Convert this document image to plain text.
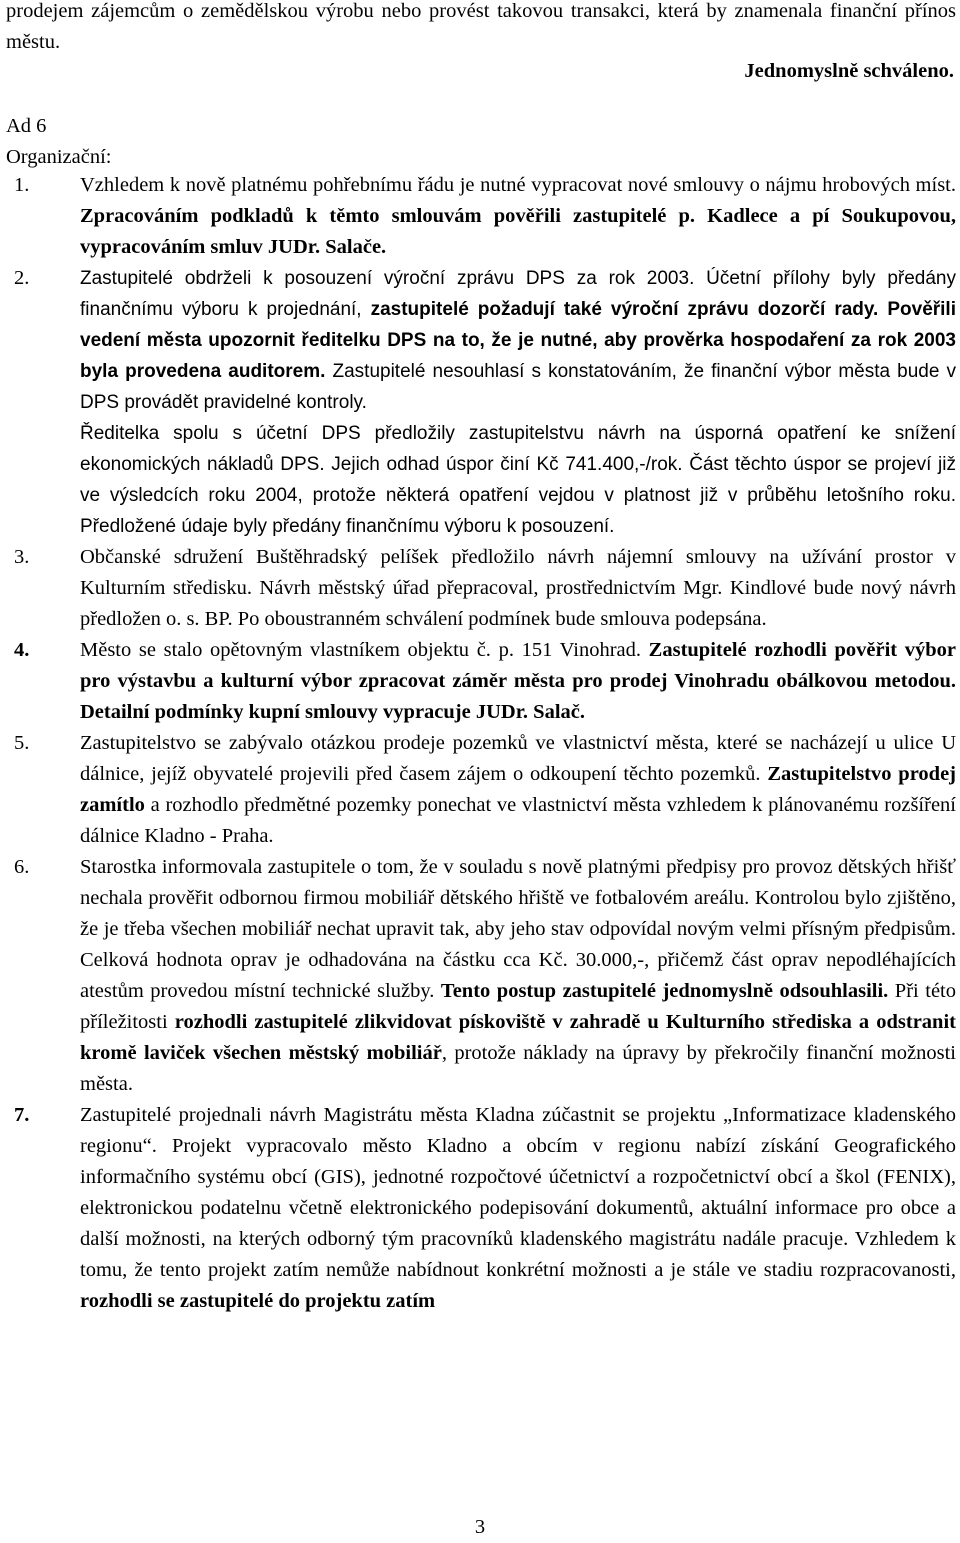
prodejem zájemcům o zemědělskou výrobu nebo provést takovou transakci, která by znamenala finanční přínos městu.

Jednomyslně schváleno.
Ad 6
Organizační:
1.	Vzhledem k nově platnému pohřebnímu řádu je nutné vypracovat nové smlouvy o nájmu hrobových míst. Zpracováním podkladů k těmto smlouvám pověřili zastupitelé p. Kadlece a pí Soukupovou, vypracováním smluv JUDr. Salače.

2.	Zastupitelé obdrželi k posouzení výroční zprávu DPS za rok 2003. Účetní přílohy byly předány finančnímu výboru k projednání, zastupitelé požadují také výroční zprávu dozorčí rady. Pověřili vedení města upozornit ředitelku DPS na to, že je nutné, aby prověrka hospodaření za rok 2003 byla provedena auditorem. Zastupitelé nesouhlasí s konstatováním, že finanční výbor města bude v DPS provádět pravidelné kontroly.

Ředitelka spolu s účetní DPS předložily zastupitelstvu návrh na úsporná opatření ke snížení ekonomických nákladů DPS. Jejich odhad úspor činí Kč 741.400,-/rok. Část těchto úspor se projeví již ve výsledcích roku 2004, protože některá opatření vejdou v platnost již v průběhu letošního roku. Předložené údaje byly předány finančnímu výboru k posouzení.

3.	Občanské sdružení Buštěhradský pelíšek předložilo návrh nájemní smlouvy na užívání prostor v Kulturním středisku. Návrh městský úřad přepracoval, prostřednictvím Mgr. Kindlové bude nový návrh předložen o. s. BP. Po oboustranném schválení podmínek bude smlouva podepsána.

4.	Město se stalo opětovným vlastníkem objektu č. p. 151 Vinohrad. Zastupitelé rozhodli pověřit výbor pro výstavbu a kulturní výbor zpracovat záměr města pro prodej Vinohradu obálkovou metodou. Detailní podmínky kupní smlouvy vypracuje JUDr. Salač.

5.	Zastupitelstvo se zabývalo otázkou prodeje pozemků ve vlastnictví města, které se nacházejí u ulice U dálnice, jejíž obyvatelé projevili před časem zájem o odkoupení těchto pozemků. Zastupitelstvo prodej zamítlo a rozhodlo předmětné pozemky ponechat ve vlastnictví města vzhledem k plánovanému rozšíření dálnice Kladno - Praha.

6.	Starostka informovala zastupitele o tom, že v souladu s nově platnými předpisy pro provoz dětských hřišť nechala prověřit odbornou firmou mobiliář dětského hřiště ve fotbalovém areálu. Kontrolou bylo zjištěno, že je třeba všechen mobiliář nechat upravit tak, aby jeho stav odpovídal novým velmi přísným předpisům. Celková hodnota oprav je odhadována na částku cca Kč. 30.000,-, přičemž část oprav nepodléhajících atestům provedou místní technické služby. Tento postup zastupitelé jednomyslně odsouhlasili. Při této příležitosti rozhodli zastupitelé zlikvidovat pískoviště v zahradě u Kulturního střediska a odstranit kromě laviček všechen městský mobiliář, protože náklady na úpravy by překročily finanční možnosti města.

7.	Zastupitelé projednali návrh Magistrátu města Kladna zúčastnit se projektu „Informatizace kladenského regionu“. Projekt vypracovalo město Kladno a obcím v regionu nabízí získání Geografického informačního systému obcí (GIS), jednotné rozpočtové účetnictví a rozpočetnictví obcí a škol (FENIX), elektronickou podatelnu včetně elektronického podepisování dokumentů, aktuální informace pro obce a další možnosti, na kterých odborný tým pracovníků kladenského magistrátu nadále pracuje. Vzhledem k tomu, že tento projekt zatím nemůže nabídnout konkrétní možnosti a je stále ve stadiu rozpracovanosti, rozhodli se zastupitelé do projektu zatím

3
